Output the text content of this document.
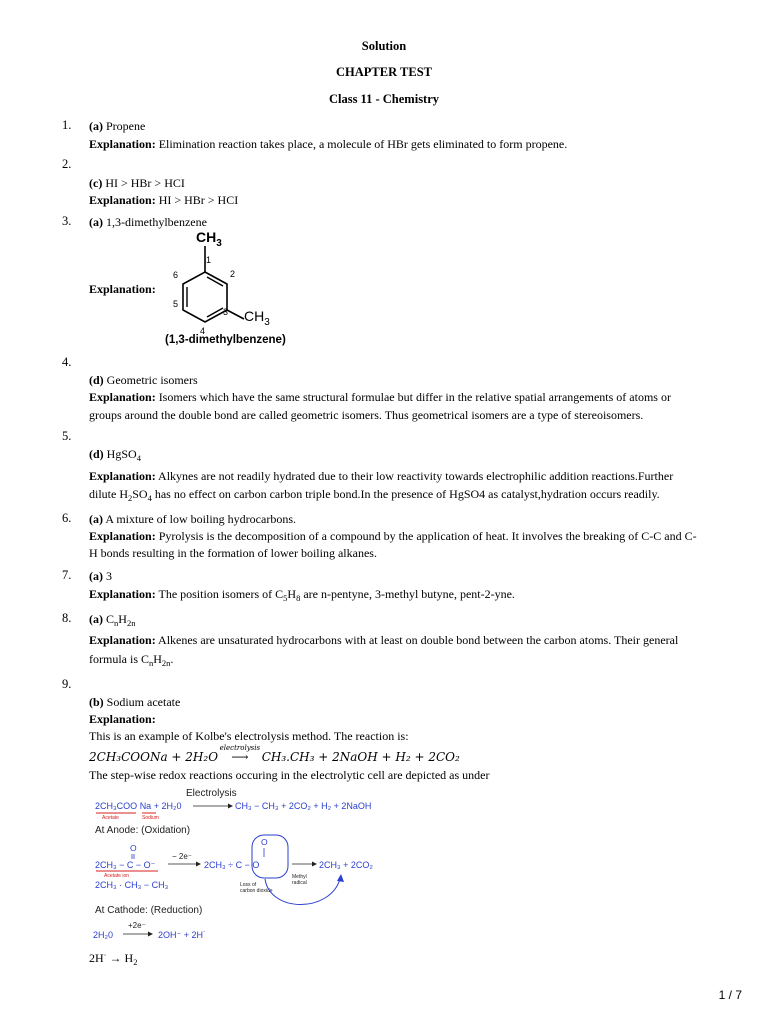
Solution
CHAPTER TEST
Class 11 - Chemistry
1. (a) Propene
Explanation: Elimination reaction takes place, a molecule of HBr gets eliminated to form propene.
2.
(c) HI > HBr > HCI
Explanation: HI > HBr > HCI
3. (a) 1,3-dimethylbenzene
Explanation:
$CH_3$
$CH_3$
1
2
3
4
5
6
(1,3-dimethylbenzene)
4.
(d) Geometric isomers
Explanation: Isomers which have the same structural formulae but differ in the relative spatial arrangements of atoms or
groups around the double bond are called geometric isomers. Thus geometrical isomers are a type of stereoisomers.
5.
(d) HgSO$_4$
Explanation: Alkynes are not readily hydrated due to their low reactivity towards electrophilic addition reactions.Further
dilute $H_2SO_4$ has no effect on carbon carbon triple bond.In the presence of HgSO4 as catalyst,hydration occurs readily.
6. (a) A mixture of low boiling hydrocarbons.
Explanation: Pyrolysis is the decomposition of a compound by the application of heat. It involves the breaking of C-C and C-
H bonds resulting in the formation of lower boiling alkanes.
7. (a) 3
Explanation: The position isomers of $C_5H_8$ are n-pentyne, 3-methyl butyne, pent-2-yne.
8. (a) $C_nH_{2n}$
Explanation: Alkenes are unsaturated hydrocarbons with at least on double bond between the carbon atoms. Their general
formula is $C_nH_{2n}$.
9.
(b) Sodium acetate
Explanation:
This is an example of Kolbe's electrolysis method. The reaction is:
2CH₃COONa + 2H₂O
electrolysis
⟶ CH₃.CH₃ + 2NaOH + H₂ + 2CO₂
The step-wise redox reactions occuring in the electrolytic cell are depicted as under
Electrolysis
2CH₃COO Na + 2H₂0
Acetate	Sodium
CH₃ − CH₃ + 2CO₂ + H₂ + 2NaOH
At Anode: (Oxidation)
O
2CH₃ − C − O⁻
Acetate ion
− 2e⁻
2CH₃ ÷ C − O
O
2CH₃ + 2CO₂
Loss of
carbon dioxide
Methyl
radical
2CH₃ · CH₃ − CH₃
At Cathode: (Reduction)
+2e⁻
2H₂0	2OH⁻ + 2H˙
$2H^\cdot \to H_2$
1 / 7
